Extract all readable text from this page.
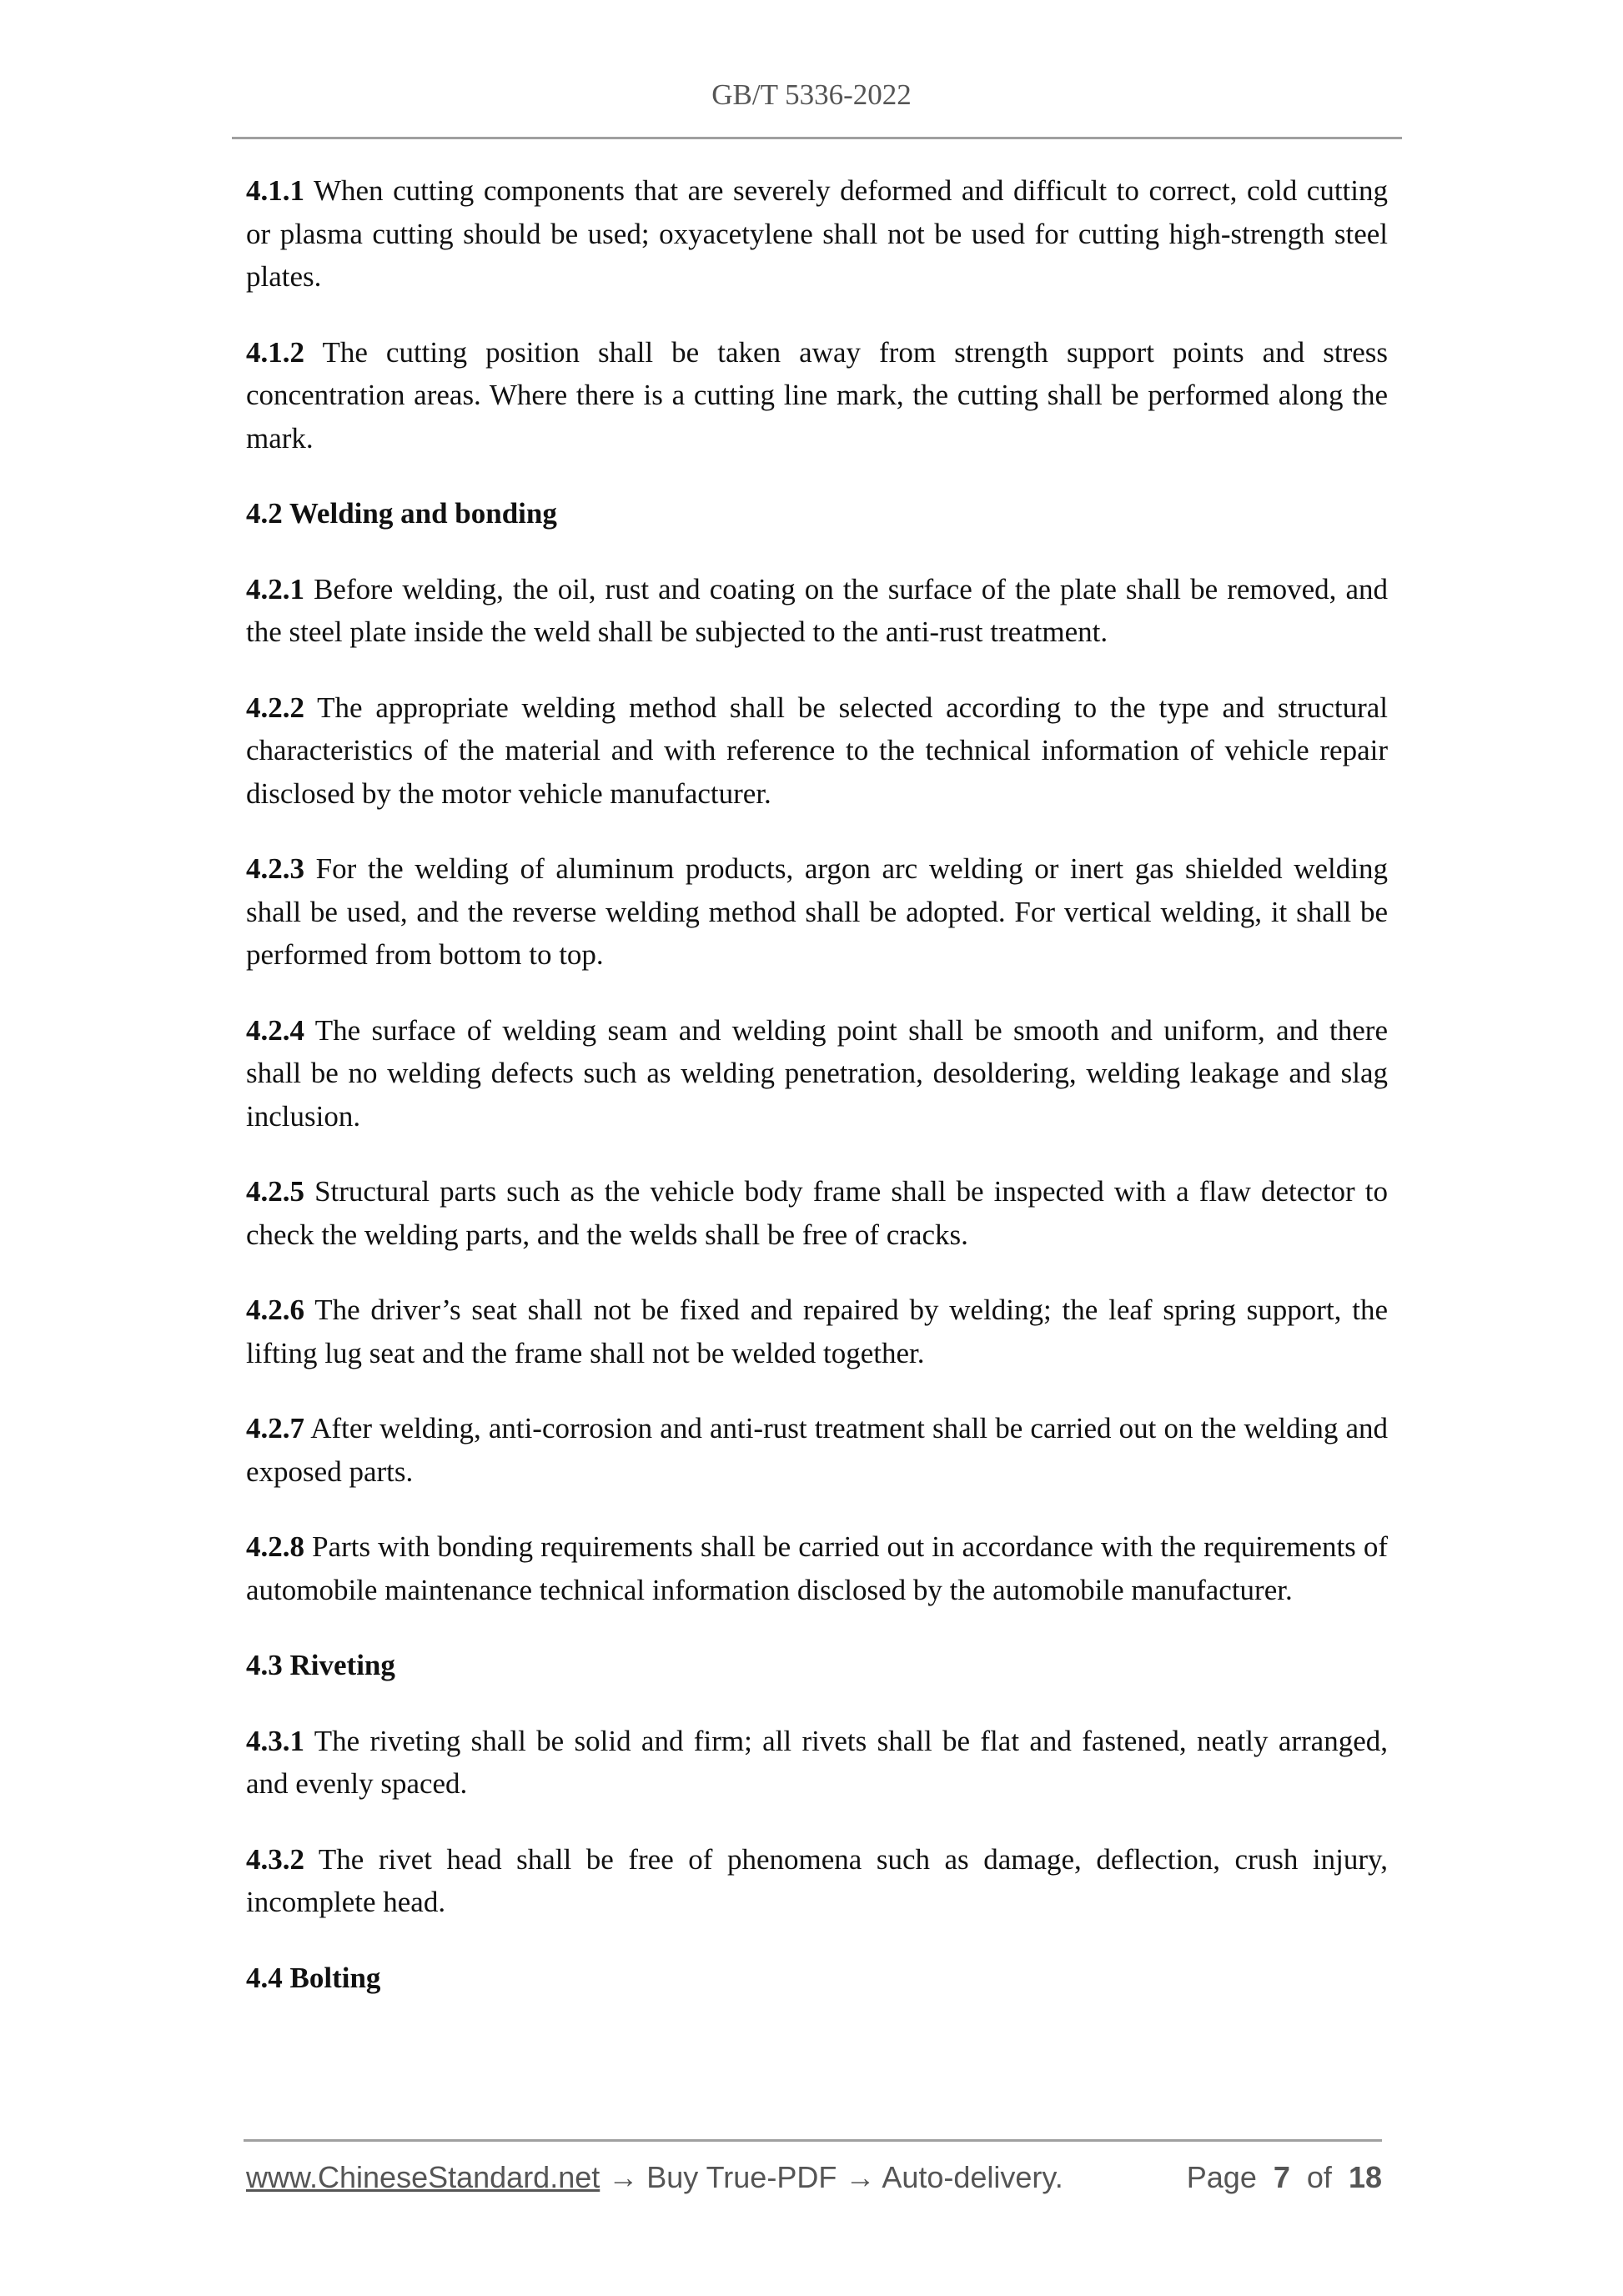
GB/T 5336-2022
4.1.1 When cutting components that are severely deformed and difficult to correct, cold cutting or plasma cutting should be used; oxyacetylene shall not be used for cutting high-strength steel plates.
4.1.2 The cutting position shall be taken away from strength support points and stress concentration areas. Where there is a cutting line mark, the cutting shall be performed along the mark.
4.2 Welding and bonding
4.2.1 Before welding, the oil, rust and coating on the surface of the plate shall be removed, and the steel plate inside the weld shall be subjected to the anti-rust treatment.
4.2.2 The appropriate welding method shall be selected according to the type and structural characteristics of the material and with reference to the technical information of vehicle repair disclosed by the motor vehicle manufacturer.
4.2.3 For the welding of aluminum products, argon arc welding or inert gas shielded welding shall be used, and the reverse welding method shall be adopted. For vertical welding, it shall be performed from bottom to top.
4.2.4 The surface of welding seam and welding point shall be smooth and uniform, and there shall be no welding defects such as welding penetration, desoldering, welding leakage and slag inclusion.
4.2.5 Structural parts such as the vehicle body frame shall be inspected with a flaw detector to check the welding parts, and the welds shall be free of cracks.
4.2.6 The driver’s seat shall not be fixed and repaired by welding; the leaf spring support, the lifting lug seat and the frame shall not be welded together.
4.2.7 After welding, anti-corrosion and anti-rust treatment shall be carried out on the welding and exposed parts.
4.2.8 Parts with bonding requirements shall be carried out in accordance with the requirements of automobile maintenance technical information disclosed by the automobile manufacturer.
4.3 Riveting
4.3.1 The riveting shall be solid and firm; all rivets shall be flat and fastened, neatly arranged, and evenly spaced.
4.3.2 The rivet head shall be free of phenomena such as damage, deflection, crush injury, incomplete head.
4.4 Bolting
www.ChineseStandard.net → Buy True-PDF → Auto-delivery.	Page 7 of 18
